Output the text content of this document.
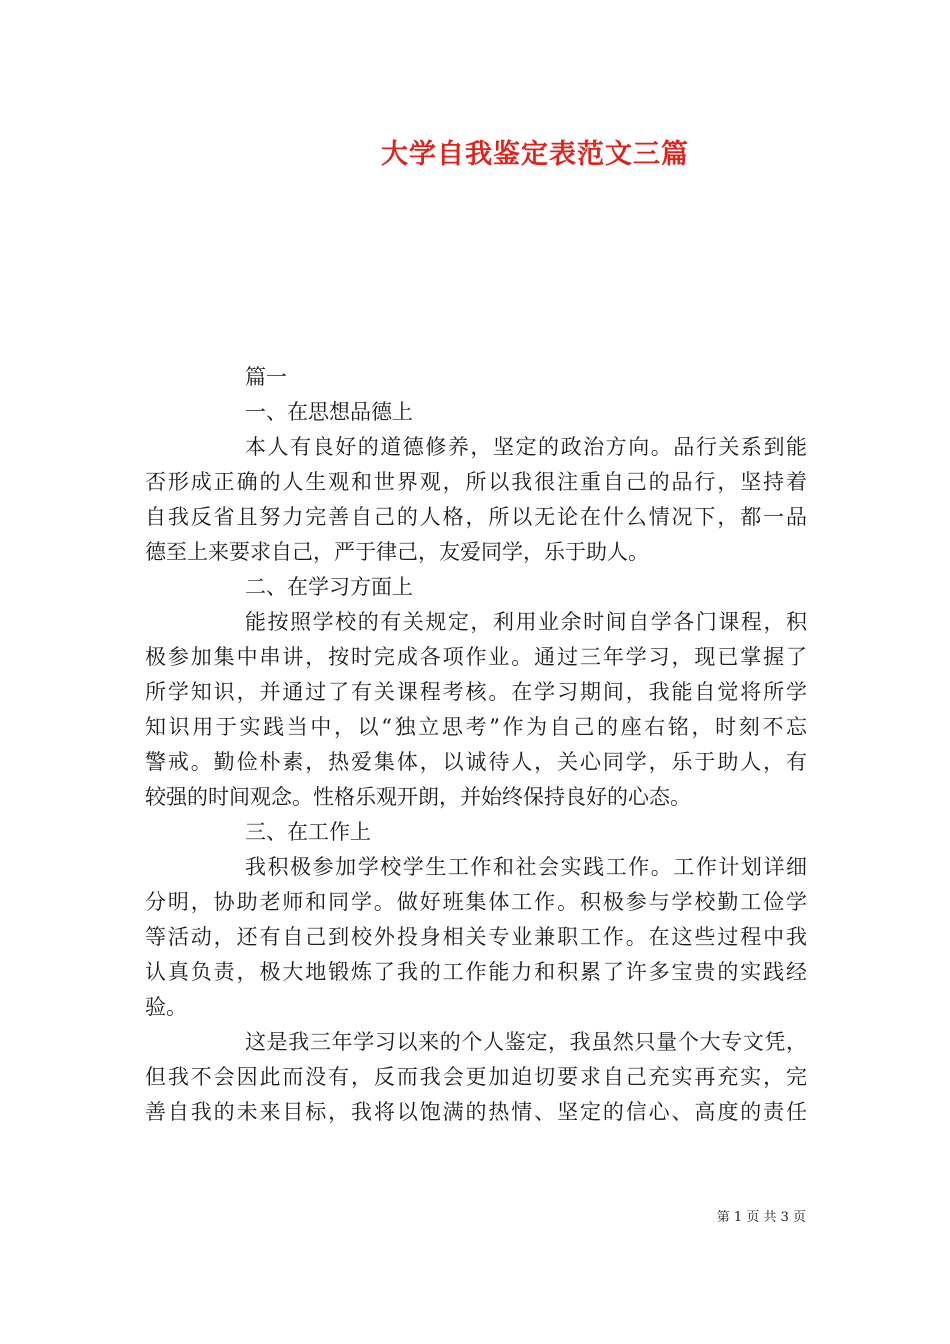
大学自我鉴定表范文三篇
篇一
一、在思想品德上
本人有良好的道德修养，坚定的政治方向。品行关系到能
否形成正确的人生观和世界观，所以我很注重自己的品行，坚持着
自我反省且努力完善自己的人格，所以无论在什么情况下，都一品
德至上来要求自己，严于律己，友爱同学，乐于助人。
二、在学习方面上
能按照学校的有关规定，利用业余时间自学各门课程，积
极参加集中串讲，按时完成各项作业。通过三年学习，现已掌握了
所学知识，并通过了有关课程考核。在学习期间，我能自觉将所学
知识用于实践当中，以“独立思考”作为自己的座右铭，时刻不忘
警戒。勤俭朴素，热爱集体，以诚待人，关心同学，乐于助人，有
较强的时间观念。性格乐观开朗，并始终保持良好的心态。
三、在工作上
我积极参加学校学生工作和社会实践工作。工作计划详细
分明，协助老师和同学。做好班集体工作。积极参与学校勤工俭学
等活动，还有自己到校外投身相关专业兼职工作。在这些过程中我
认真负责，极大地锻炼了我的工作能力和积累了许多宝贵的实践经
验。
这是我三年学习以来的个人鉴定，我虽然只量个大专文凭，
但我不会因此而没有，反而我会更加迫切要求自己充实再充实，完
善自我的未来目标，我将以饱满的热情、坚定的信心、高度的责任
第 1 页 共 3 页
